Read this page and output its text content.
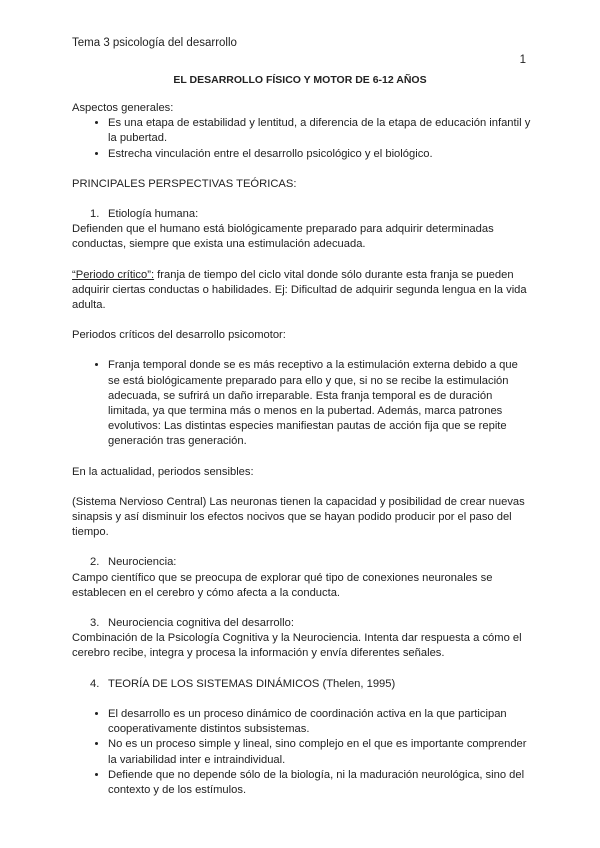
Tema 3 psicología del desarrollo
1
EL DESARROLLO FÍSICO Y MOTOR DE 6-12 AÑOS

Aspectos generales:

• Es una etapa de estabilidad y lentitud, a diferencia de la etapa de educación infantil y la pubertad.
• Estrecha vinculación entre el desarrollo psicológico y el biológico.

PRINCIPALES PERSPECTIVAS TEÓRICAS:

1. Etiología humana:

Defienden que el humano está biológicamente preparado para adquirir determinadas conductas, siempre que exista una estimulación adecuada.

“Periodo crítico”: franja de tiempo del ciclo vital donde sólo durante esta franja se pueden adquirir ciertas conductas o habilidades. Ej: Dificultad de adquirir segunda lengua en la vida adulta.

Periodos críticos del desarrollo psicomotor:

• Franja temporal donde se es más receptivo a la estimulación externa debido a que se está biológicamente preparado para ello y que, si no se recibe la estimulación adecuada, se sufrirá un daño irreparable. Esta franja temporal es de duración limitada, ya que termina más o menos en la pubertad. Además, marca patrones evolutivos: Las distintas especies manifiestan pautas de acción fija que se repite generación tras generación.

En la actualidad, periodos sensibles:

(Sistema Nervioso Central) Las neuronas tienen la capacidad y posibilidad de crear nuevas sinapsis y así disminuir los efectos nocivos que se hayan podido producir por el paso del tiempo.

2. Neurociencia:

Campo científico que se preocupa de explorar qué tipo de conexiones neuronales se establecen en el cerebro y cómo afecta a la conducta.

3. Neurociencia cognitiva del desarrollo:

Combinación de la Psicología Cognitiva y la Neurociencia. Intenta dar respuesta a cómo el cerebro recibe, integra y procesa la información y envía diferentes señales.

4. TEORÍA DE LOS SISTEMAS DINÁMICOS (Thelen, 1995)

• El desarrollo es un proceso dinámico de coordinación activa en la que participan cooperativamente distintos subsistemas.
• No es un proceso simple y lineal, sino complejo en el que es importante comprender la variabilidad inter e intraindividual.
• Defiende que no depende sólo de la biología, ni la maduración neurológica, sino del contexto y de los estímulos.
